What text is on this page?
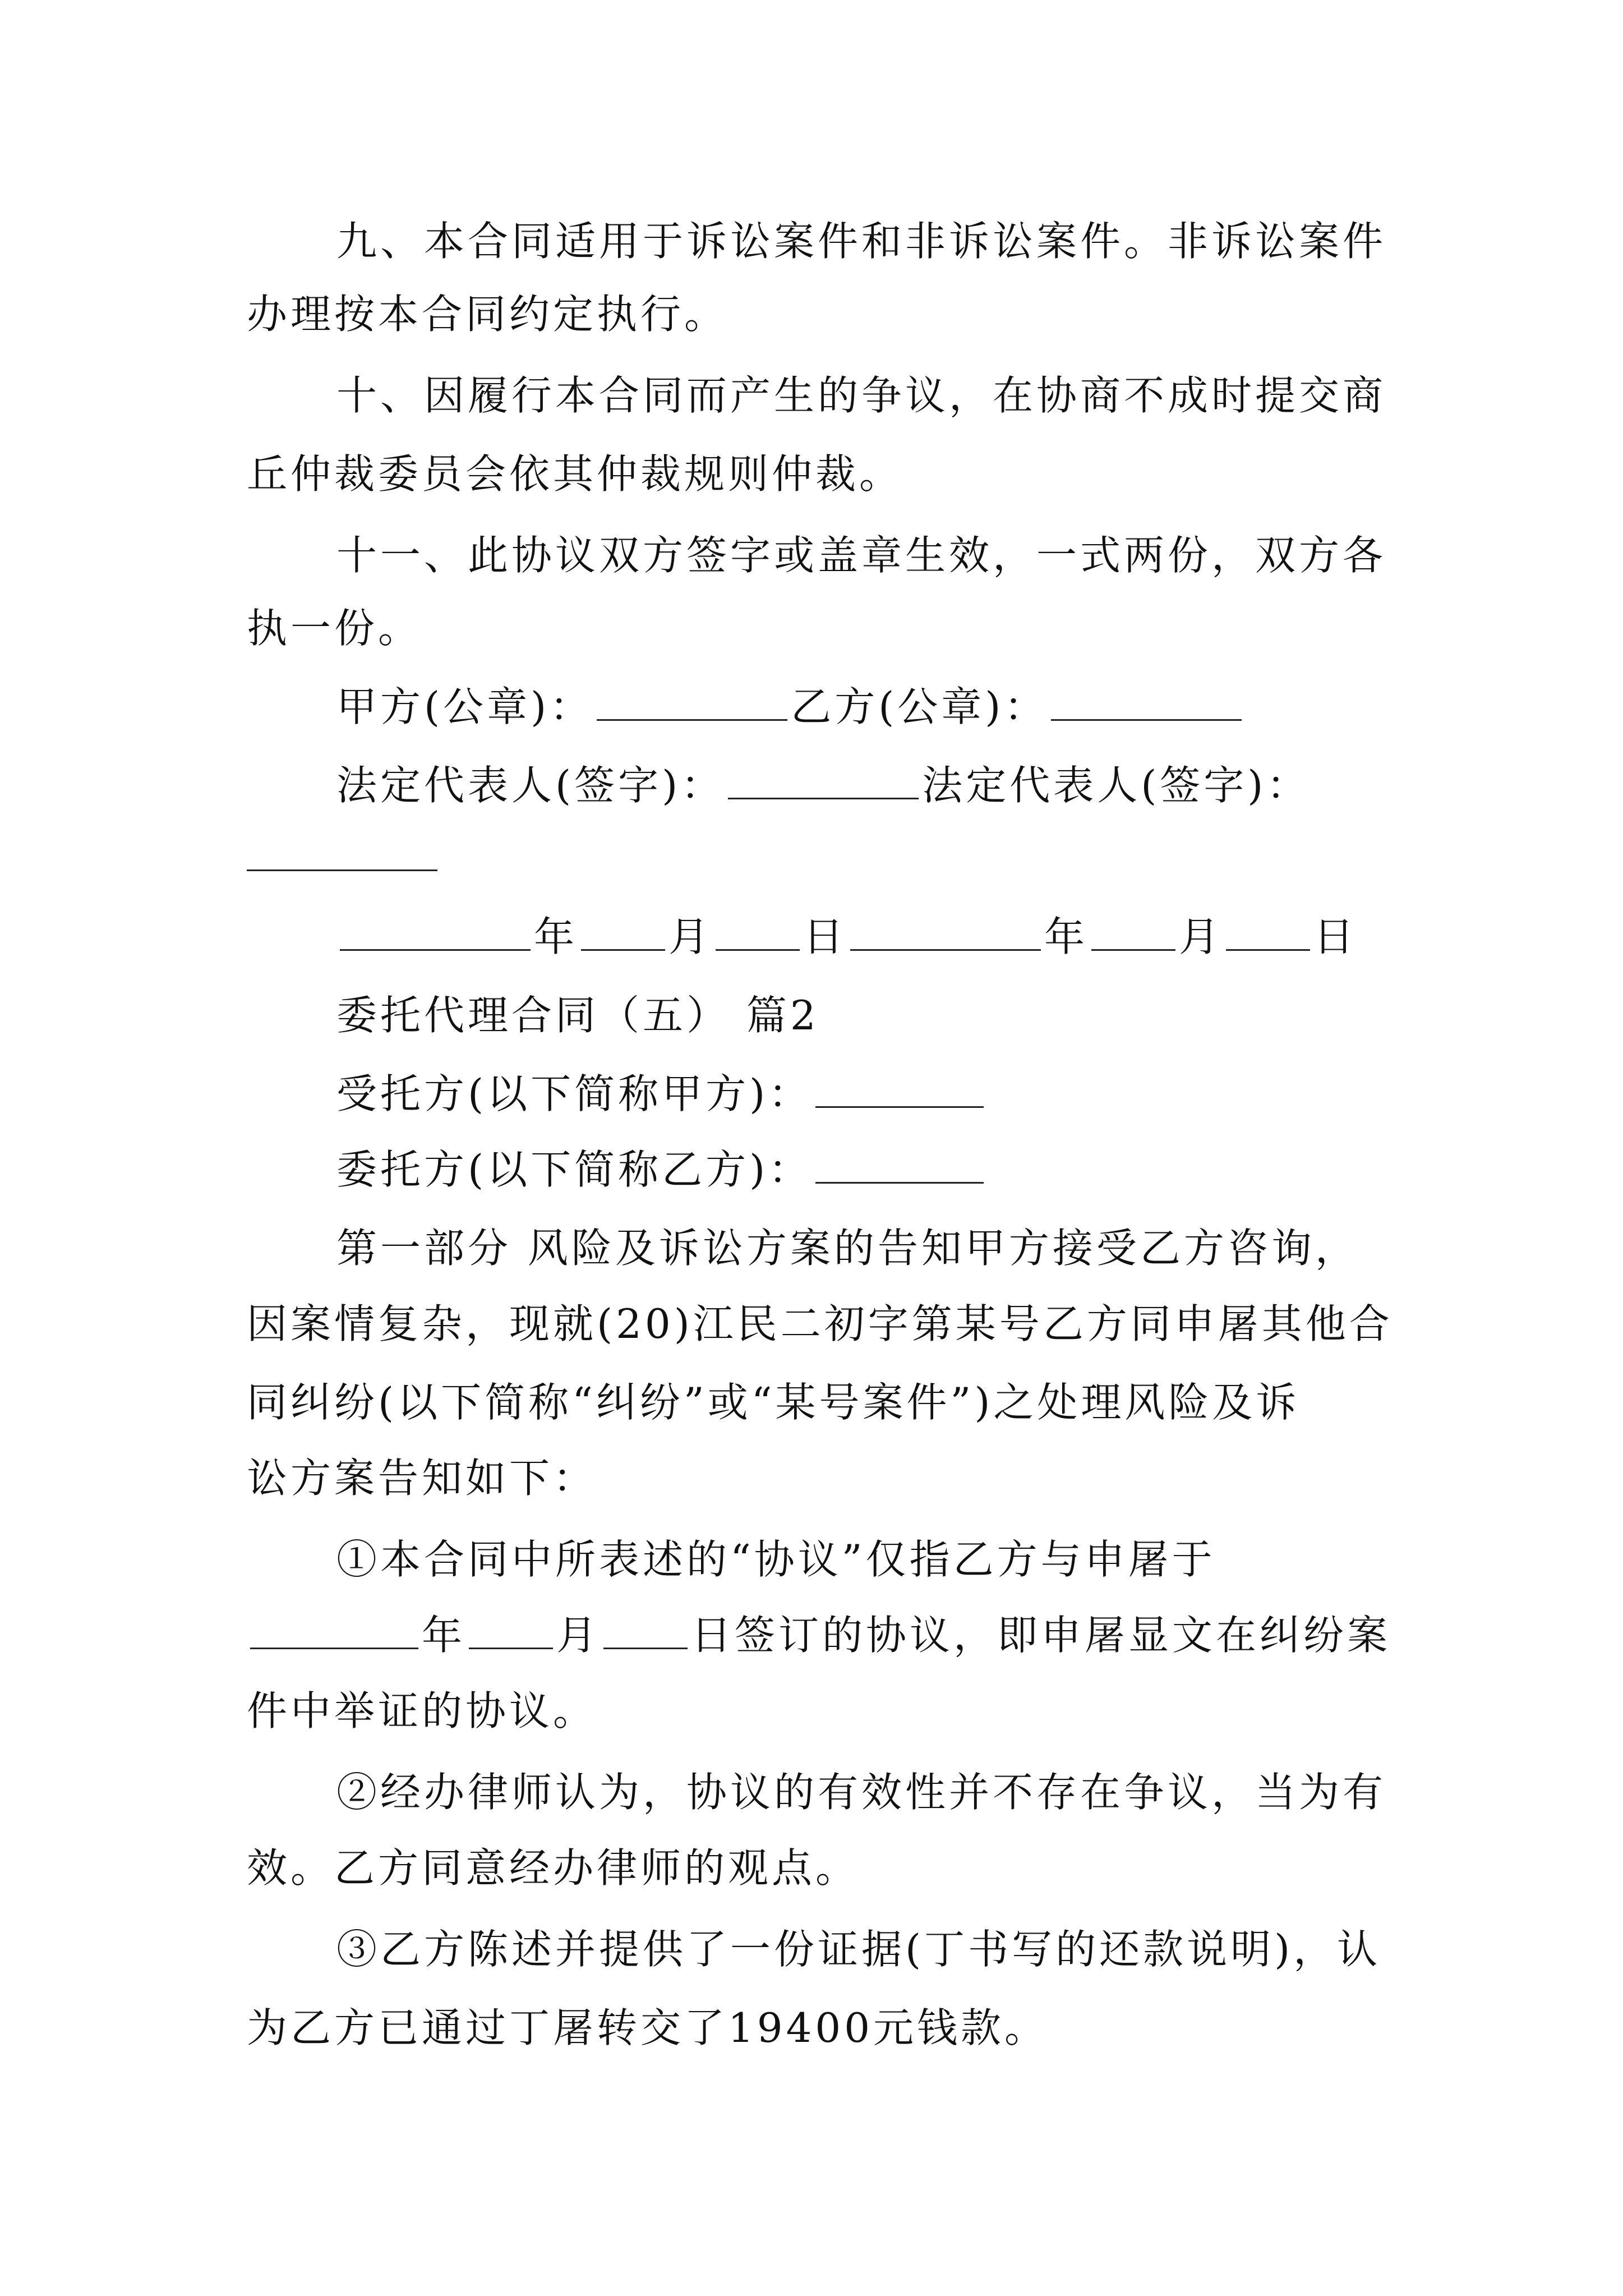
九、本合同适用于诉讼案件和非诉讼案件。非诉讼案件
办理按本合同约定执行。
十、因履行本合同而产生的争议，在协商不成时提交商
丘仲裁委员会依其仲裁规则仲裁。
十一、此协议双方签字或盖章生效，一式两份，双方各
执一份。
甲方(公章)：	乙方(公章)：
法定代表人(签字)：	法定代表人(签字)：
年 月 日	年 月 日
委托代理合同（五） 篇2
受托方(以下简称甲方)：
委托方(以下简称乙方)：
第一部分 风险及诉讼方案的告知甲方接受乙方咨询，
因案情复杂，现就(20)江民二初字第某号乙方同申屠其他合
同纠纷(以下简称“纠纷”或“某号案件”)之处理风险及诉
讼方案告知如下：
①本合同中所表述的“协议”仅指乙方与申屠于
年 月 日签订的协议，即申屠显文在纠纷案
件中举证的协议。
②经办律师认为，协议的有效性并不存在争议，当为有
效。乙方同意经办律师的观点。
③乙方陈述并提供了一份证据(丁书写的还款说明)，认
为乙方已通过丁屠转交了19400元钱款。
